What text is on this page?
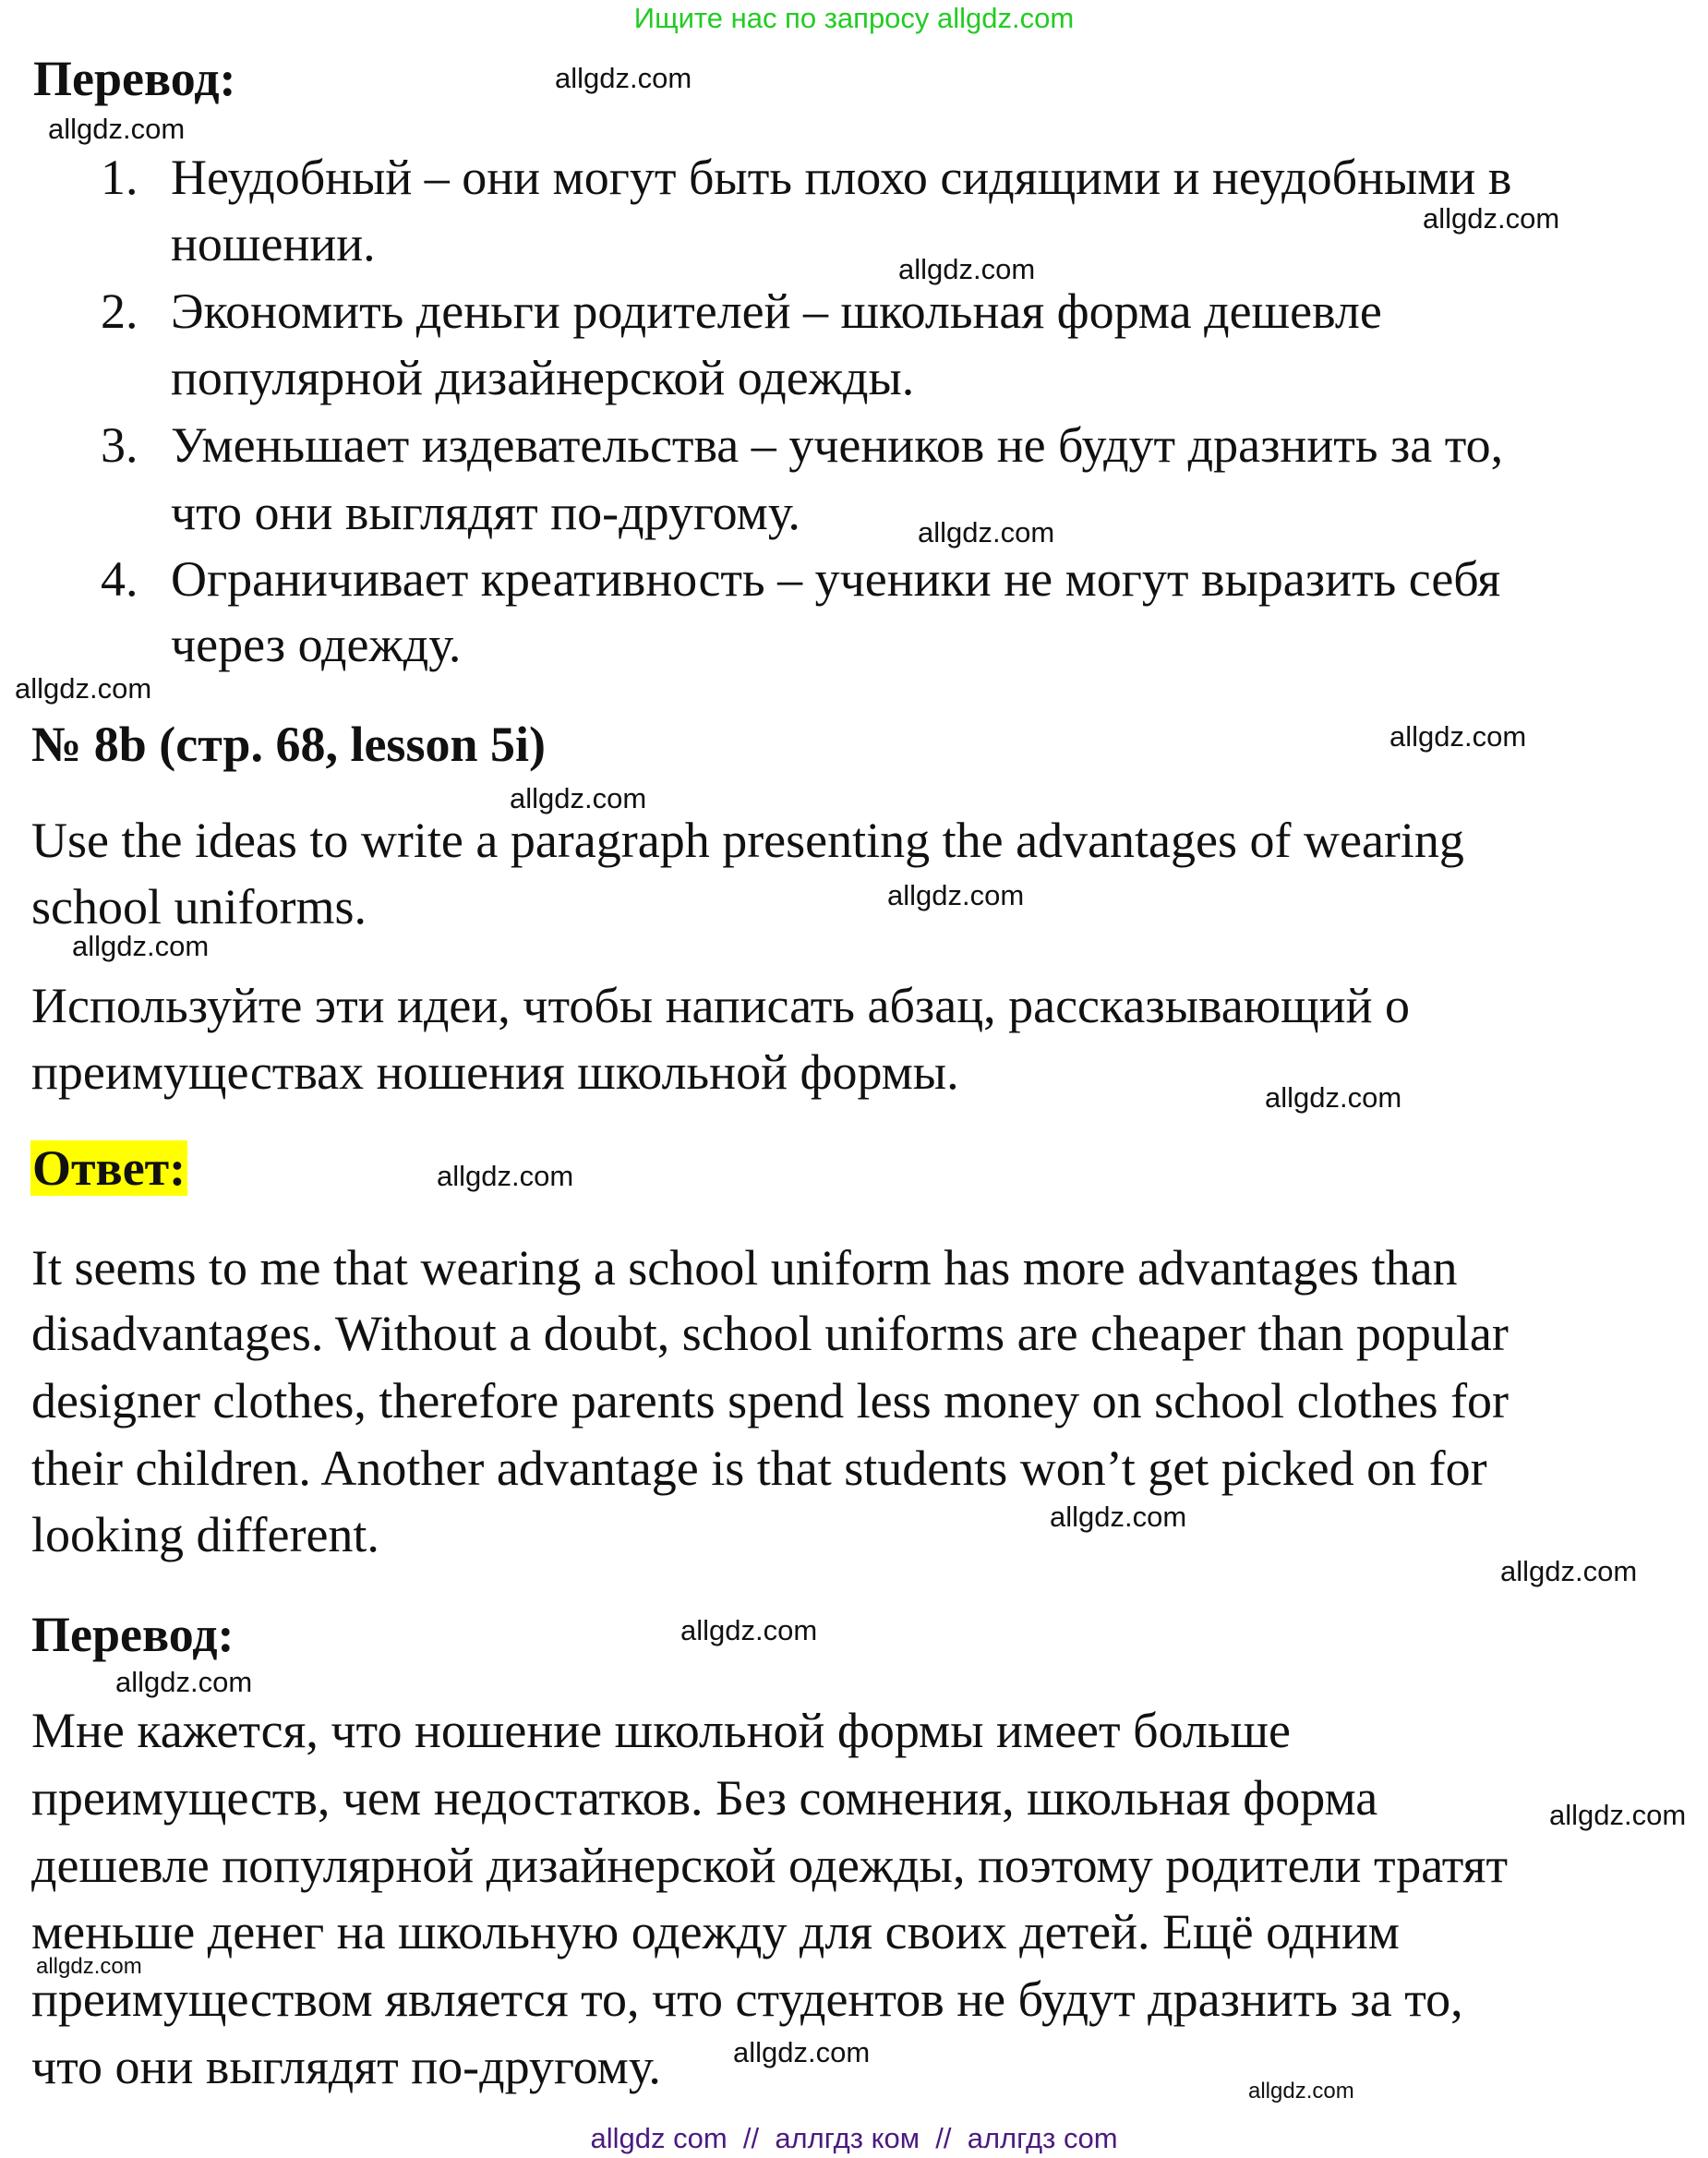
Ищите нас по запросу allgdz.com
Перевод:
1. Неудобный – они могут быть плохо сидящими и неудобными в
ношении.
2. Экономить деньги родителей – школьная форма дешевле
популярной дизайнерской одежды.
3. Уменьшает издевательства – учеников не будут дразнить за то,
что они выглядят по-другому.
4. Ограничивает креативность – ученики не могут выразить себя
через одежду.
№ 8b (стр. 68, lesson 5i)
Use the ideas to write a paragraph presenting the advantages of wearing
school uniforms.
Используйте эти идеи, чтобы написать абзац, рассказывающий о
преимуществах ношения школьной формы.
Ответ:
It seems to me that wearing a school uniform has more advantages than
disadvantages. Without a doubt, school uniforms are cheaper than popular
designer clothes, therefore parents spend less money on school clothes for
their children. Another advantage is that students won’t get picked on for
looking different.
Перевод:
Мне кажется, что ношение школьной формы имеет больше
преимуществ, чем недостатков. Без сомнения, школьная форма
дешевле популярной дизайнерской одежды, поэтому родители тратят
меньше денег на школьную одежду для своих детей. Ещё одним
преимуществом является то, что студентов не будут дразнить за то,
что они выглядят по-другому.
allgdz.com
allgdz.com
allgdz.com
allgdz.com
allgdz.com
allgdz.com
allgdz.com
allgdz.com
allgdz.com
allgdz.com
allgdz.com
allgdz.com
allgdz.com
allgdz.com
allgdz.com
allgdz.com
allgdz.com
allgdz.com
allgdz.com
allgdz.com
allgdz com  //  аллгдз ком  //  аллгдз com
